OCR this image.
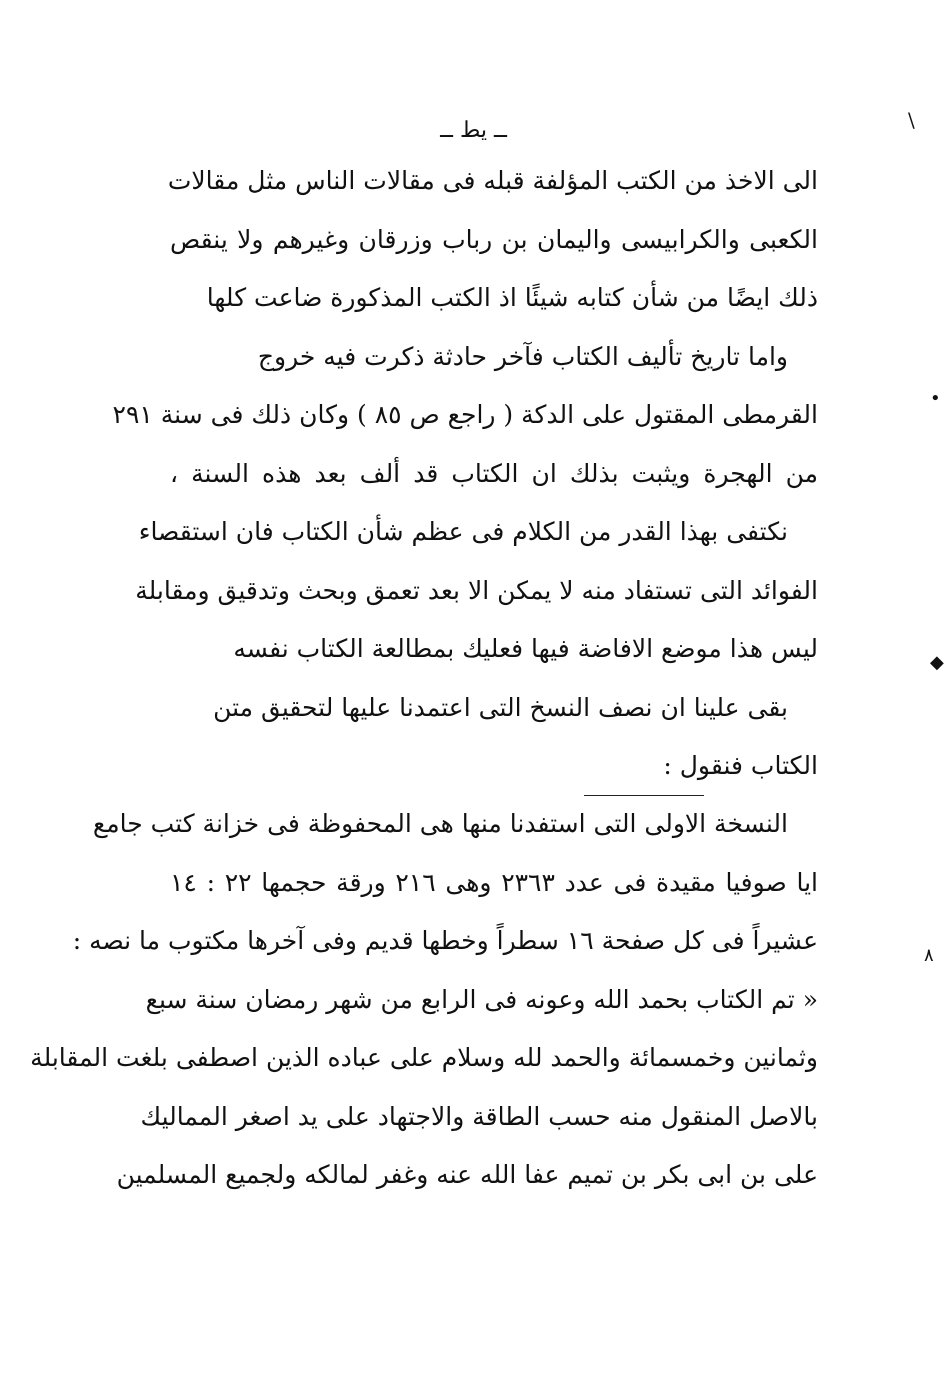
ــ يط ــ	\
الى الاخذ من الكتب المؤلفة قبله فى مقالات الناس مثل مقالات
الكعبى والكرابيسى واليمان بن رباب وزرقان وغيرهم ولا ينقص
ذلك ايضًا من شأن كتابه شيئًا اذ الكتب المذكورة ضاعت كلها
واما تاريخ تأليف الكتاب فآخر حادثة ذكرت فيه خروج
القرمطى المقتول على الدكة ( راجع ص ٨٥ ) وكان ذلك فى سنة ٢٩١
من الهجرة ويثبت بذلك ان الكتاب قد ألف بعد هذه السنة ،
نكتفى بهذا القدر من الكلام فى عظم شأن الكتاب فان استقصاء
الفوائد التى تستفاد منه لا يمكن الا بعد تعمق وبحث وتدقيق ومقابلة
ليس هذا موضع الافاضة فيها فعليك بمطالعة الكتاب نفسه
بقى علينا ان نصف النسخ التى اعتمدنا عليها لتحقيق متن
الكتاب فنقول :
النسخة الاولى التى استفدنا منها هى المحفوظة فى خزانة كتب جامع
ايا صوفيا مقيدة فى عدد ٢٣٦٣ وهى ٢١٦ ورقة حجمها ٢٢ : ١٤
عشيراً فى كل صفحة ١٦ سطراً وخطها قديم وفى آخرها مكتوب ما نصه :
« تم الكتاب بحمد الله وعونه فى الرابع من شهر رمضان سنة سبع
وثمانين وخمسمائة والحمد لله وسلام على عباده الذين اصطفى بلغت المقابلة
بالاصل المنقول منه حسب الطاقة والاجتهاد على يد اصغر المماليك
على بن ابى بكر بن تميم عفا الله عنه وغفر لمالكه ولجميع المسلمين
•
◆
٨
